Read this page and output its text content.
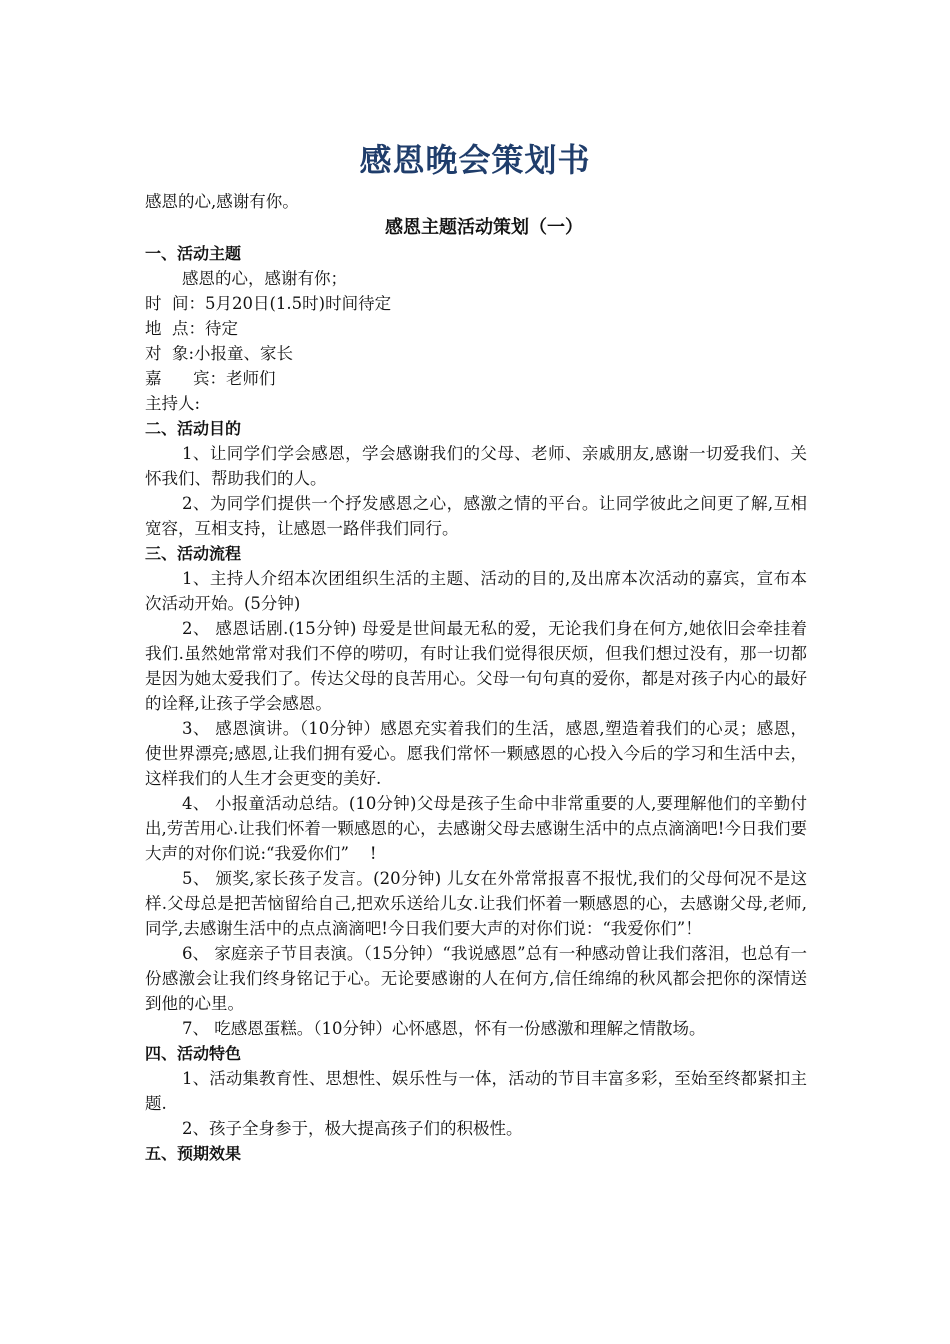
感恩晚会策划书
感恩的心,感谢有你。
感恩主题活动策划（一）
一、活动主题
感恩的心，感谢有你；
时  间：5月20日(1.5时)时间待定
地  点：待定
对  象:小报童、家长
嘉      宾：老师们
主持人:
二、活动目的

1、让同学们学会感恩，学会感谢我们的父母、老师、亲戚朋友,感谢一切爱我们、关怀我们、帮助我们的人。

2、为同学们提供一个抒发感恩之心，感激之情的平台。让同学彼此之间更了解,互相宽容，互相支持，让感恩一路伴我们同行。

三、活动流程

1、主持人介绍本次团组织生活的主题、活动的目的,及出席本次活动的嘉宾，宣布本次活动开始。(5分钟)

2、 感恩话剧.(15分钟) 母爱是世间最无私的爱，无论我们身在何方,她依旧会牵挂着我们.虽然她常常对我们不停的唠叨，有时让我们觉得很厌烦，但我们想过没有，那一切都是因为她太爱我们了。传达父母的良苦用心。父母一句句真的爱你，都是对孩子内心的最好的诠释,让孩子学会感恩。

3、 感恩演讲。（10分钟）感恩充实着我们的生活，感恩,塑造着我们的心灵；感恩，使世界漂亮;感恩,让我们拥有爱心。愿我们常怀一颗感恩的心投入今后的学习和生活中去，这样我们的人生才会更变的美好.

4、 小报童活动总结。(10分钟)父母是孩子生命中非常重要的人,要理解他们的辛勤付出,劳苦用心.让我们怀着一颗感恩的心，去感谢父母去感谢生活中的点点滴滴吧!今日我们要大声的对你们说:“我爱你们”    !

5、 颁奖,家长孩子发言。(20分钟) 儿女在外常常报喜不报忧,我们的父母何况不是这样.父母总是把苦恼留给自己,把欢乐送给儿女.让我们怀着一颗感恩的心，去感谢父母,老师,同学,去感谢生活中的点点滴滴吧!今日我们要大声的对你们说：“我爱你们”！

6、 家庭亲子节目表演。（15分钟）“我说感恩”总有一种感动曾让我们落泪，也总有一份感激会让我们终身铭记于心。无论要感谢的人在何方,信任绵绵的秋风都会把你的深情送到他的心里。

7、 吃感恩蛋糕。（10分钟）心怀感恩，怀有一份感激和理解之情散场。

四、活动特色

1、活动集教育性、思想性、娱乐性与一体，活动的节目丰富多彩，至始至终都紧扣主题.

2、孩子全身参于，极大提高孩子们的积极性。

五、预期效果
